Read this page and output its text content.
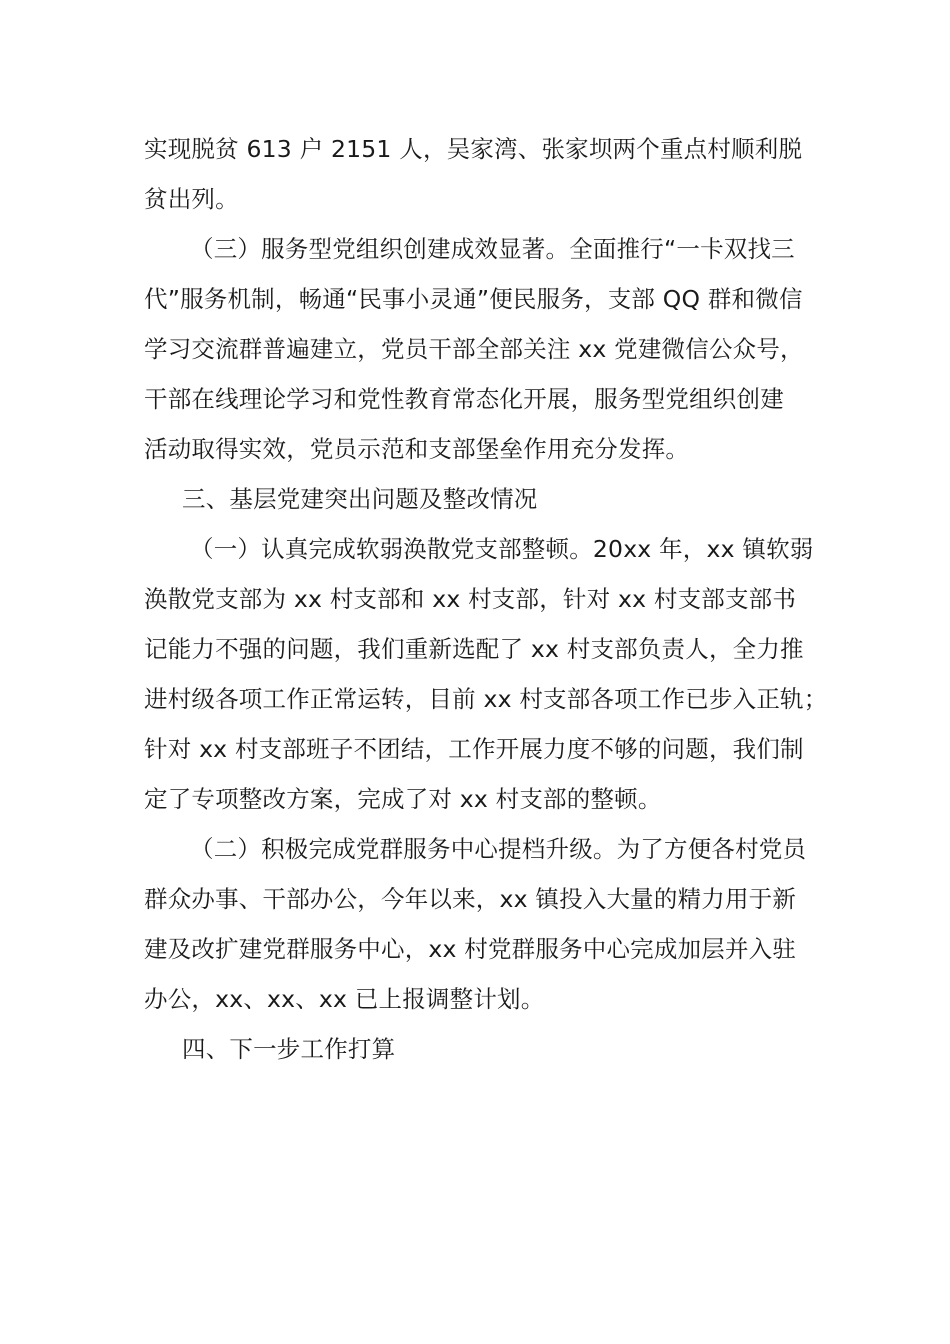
实现脱贫 613 户 2151 人，吴家湾、张家坝两个重点村顺利脱
贫出列。
（三）服务型党组织创建成效显著。全面推行“一卡双找三
代”服务机制，畅通“民事小灵通”便民服务，支部 QQ 群和微信
学习交流群普遍建立，党员干部全部关注 xx 党建微信公众号，
干部在线理论学习和党性教育常态化开展，服务型党组织创建
活动取得实效，党员示范和支部堡垒作用充分发挥。
三、基层党建突出问题及整改情况
（一）认真完成软弱涣散党支部整顿。20xx 年，xx 镇软弱
涣散党支部为 xx 村支部和 xx 村支部，针对 xx 村支部支部书
记能力不强的问题，我们重新选配了 xx 村支部负责人，全力推
进村级各项工作正常运转，目前 xx 村支部各项工作已步入正轨；
针对 xx 村支部班子不团结，工作开展力度不够的问题，我们制
定了专项整改方案，完成了对 xx 村支部的整顿。
（二）积极完成党群服务中心提档升级。为了方便各村党员
群众办事、干部办公，今年以来，xx 镇投入大量的精力用于新
建及改扩建党群服务中心，xx 村党群服务中心完成加层并入驻
办公，xx、xx、xx 已上报调整计划。
四、下一步工作打算
